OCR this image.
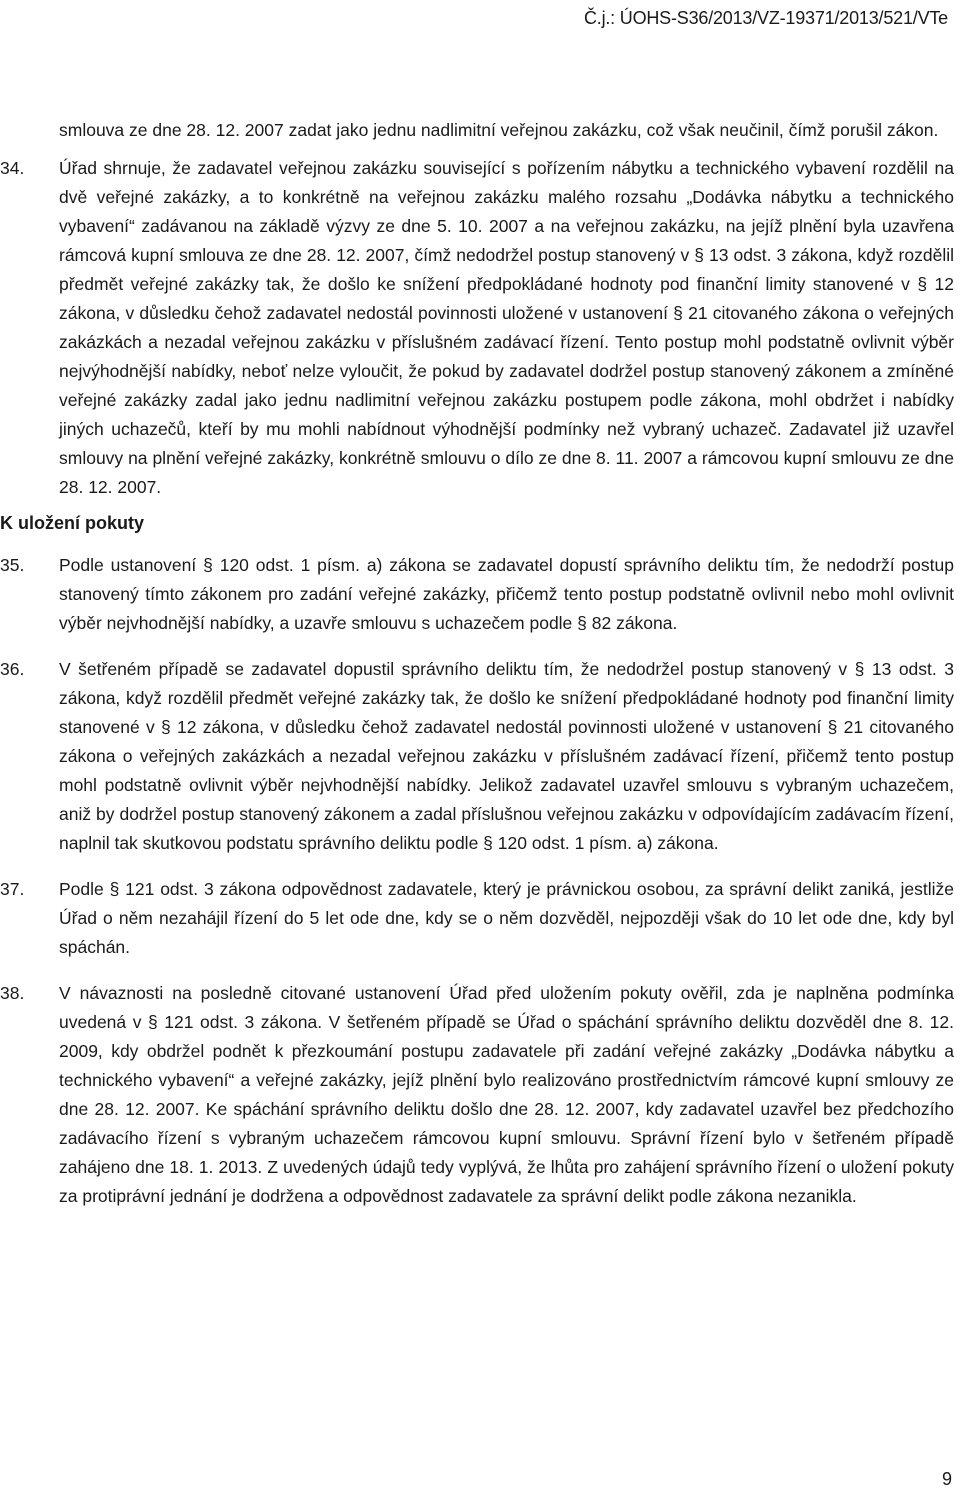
Č.j.: ÚOHS-S36/2013/VZ-19371/2013/521/VTe

smlouva ze dne 28. 12. 2007 zadat jako jednu nadlimitní veřejnou zakázku, což však neučinil, čímž porušil zákon.

34.	Úřad shrnuje, že zadavatel veřejnou zakázku související s pořízením nábytku a technického vybavení rozdělil na dvě veřejné zakázky, a to konkrétně na veřejnou zakázku malého rozsahu „Dodávka nábytku a technického vybavení“ zadávanou na základě výzvy ze dne 5. 10. 2007 a na veřejnou zakázku, na jejíž plnění byla uzavřena rámcová kupní smlouva ze dne 28. 12. 2007, čímž nedodržel postup stanovený v § 13 odst. 3 zákona, když rozdělil předmět veřejné zakázky tak, že došlo ke snížení předpokládané hodnoty pod finanční limity stanovené v § 12 zákona, v důsledku čehož zadavatel nedostál povinnosti uložené v ustanovení § 21 citovaného zákona o veřejných zakázkách a nezadal veřejnou zakázku v příslušném zadávací řízení. Tento postup mohl podstatně ovlivnit výběr nejvýhodnější nabídky, neboť nelze vyloučit, že pokud by zadavatel dodržel postup stanovený zákonem a zmíněné veřejné zakázky zadal jako jednu nadlimitní veřejnou zakázku postupem podle zákona, mohl obdržet i nabídky jiných uchazečů, kteří by mu mohli nabídnout výhodnější podmínky než vybraný uchazeč. Zadavatel již uzavřel smlouvy na plnění veřejné zakázky, konkrétně smlouvu o dílo ze dne 8. 11. 2007 a rámcovou kupní smlouvu ze dne 28. 12. 2007.

K uložení pokuty

35.	Podle ustanovení § 120 odst. 1 písm. a) zákona se zadavatel dopustí správního deliktu tím, že nedodrží postup stanovený tímto zákonem pro zadání veřejné zakázky, přičemž tento postup podstatně ovlivnil nebo mohl ovlivnit výběr nejvhodnější nabídky, a uzavře smlouvu s uchazečem podle § 82 zákona.

36.	V šetřeném případě se zadavatel dopustil správního deliktu tím, že nedodržel postup stanovený v § 13 odst. 3 zákona, když rozdělil předmět veřejné zakázky tak, že došlo ke snížení předpokládané hodnoty pod finanční limity stanovené v § 12 zákona, v důsledku čehož zadavatel nedostál povinnosti uložené v ustanovení § 21 citovaného zákona o veřejných zakázkách a nezadal veřejnou zakázku v příslušném zadávací řízení, přičemž tento postup mohl podstatně ovlivnit výběr nejvhodnější nabídky. Jelikož zadavatel uzavřel smlouvu s vybraným uchazečem, aniž by dodržel postup stanovený zákonem a zadal příslušnou veřejnou zakázku v odpovídajícím zadávacím řízení, naplnil tak skutkovou podstatu správního deliktu podle § 120 odst. 1 písm. a) zákona.

37.	Podle § 121 odst. 3 zákona odpovědnost zadavatele, který je právnickou osobou, za správní delikt zaniká, jestliže Úřad o něm nezahájil řízení do 5 let ode dne, kdy se o něm dozvěděl, nejpozději však do 10 let ode dne, kdy byl spáchán.

38.	V návaznosti na posledně citované ustanovení Úřad před uložením pokuty ověřil, zda je naplněna podmínka uvedená v § 121 odst. 3 zákona. V šetřeném případě se Úřad o spáchání správního deliktu dozvěděl dne 8. 12. 2009, kdy obdržel podnět k přezkoumání postupu zadavatele při zadání veřejné zakázky „Dodávka nábytku a technického vybavení“ a veřejné zakázky, jejíž plnění bylo realizováno prostřednictvím rámcové kupní smlouvy ze dne 28. 12. 2007. Ke spáchání správního deliktu došlo dne 28. 12. 2007, kdy zadavatel uzavřel bez předchozího zadávacího řízení s vybraným uchazečem rámcovou kupní smlouvu. Správní řízení bylo v šetřeném případě zahájeno dne 18. 1. 2013. Z uvedených údajů tedy vyplývá, že lhůta pro zahájení správního řízení o uložení pokuty za protiprávní jednání je dodržena a odpovědnost zadavatele za správní delikt podle zákona nezanikla.

9
